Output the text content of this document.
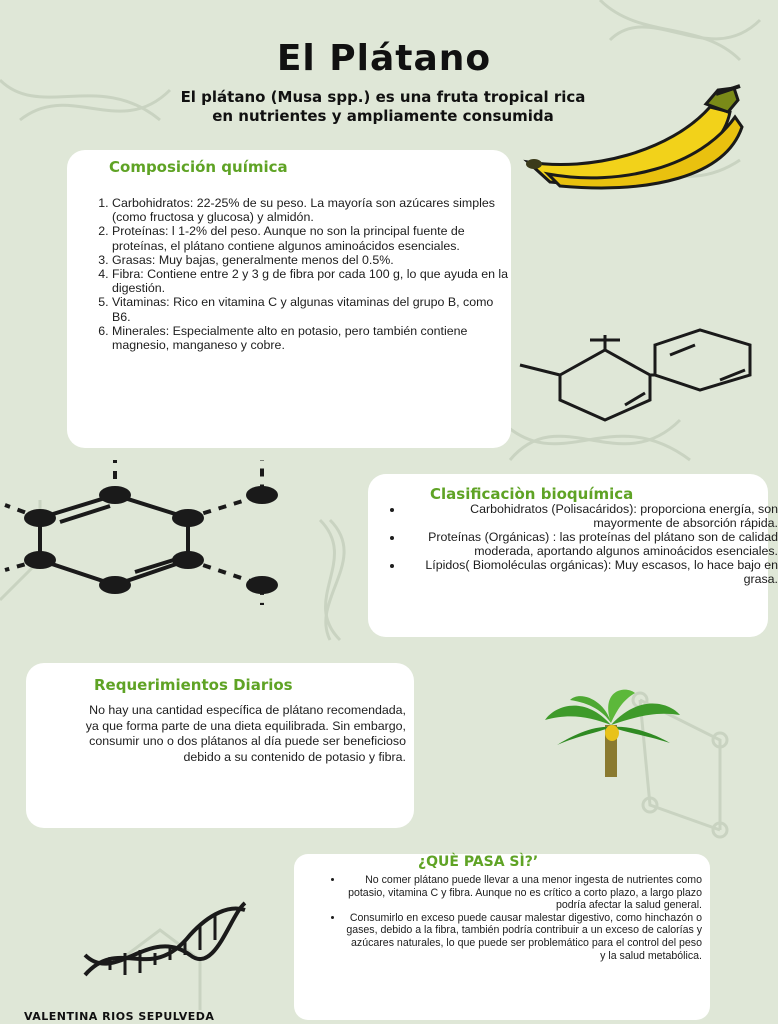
El Plátano
El plátano (Musa spp.) es una fruta tropical rica en nutrientes y ampliamente consumida
Composición química
1. Carbohidratos: 22-25% de su peso. La mayoría son azúcares simples (como fructosa y glucosa) y almidón.
2. Proteínas: l 1-2% del peso. Aunque no son la principal fuente de proteínas, el plátano contiene algunos aminoácidos esenciales.
3. Grasas: Muy bajas, generalmente menos del 0.5%.
4. Fibra: Contiene entre 2 y 3 g de fibra por cada 100 g, lo que ayuda en la digestión.
5. Vitaminas: Rico en vitamina C y algunas vitaminas del grupo B, como B6.
6. Minerales: Especialmente alto en potasio, pero también contiene magnesio, manganeso y cobre.
Clasificaciòn bioquímica
• Carbohidratos (Polisacáridos): proporciona energía, son mayormente de absorción rápida.
• Proteínas (Orgánicas) : las proteínas del plátano son de calidad moderada, aportando algunos aminoácidos esenciales.
• Lípidos( Biomoléculas orgánicas): Muy escasos, lo hace bajo en grasa.
Requerimientos Diarios

No hay una cantidad específica de plátano recomendada, ya que forma parte de una dieta equilibrada. Sin embargo, consumir uno o dos plátanos al día puede ser beneficioso debido a su contenido de potasio y fibra.

¿QUÈ PASA SÌ?’
• No comer plátano puede llevar a una menor ingesta de nutrientes como potasio, vitamina C y fibra. Aunque no es crítico a corto plazo, a largo plazo podría afectar la salud general.
• Consumirlo en exceso puede causar malestar digestivo, como hinchazón o gases, debido a la fibra, también podría contribuir a un exceso de calorías y azúcares naturales, lo que puede ser problemático para el control del peso y la salud metabólica.
VALENTINA RIOS SEPULVEDA
